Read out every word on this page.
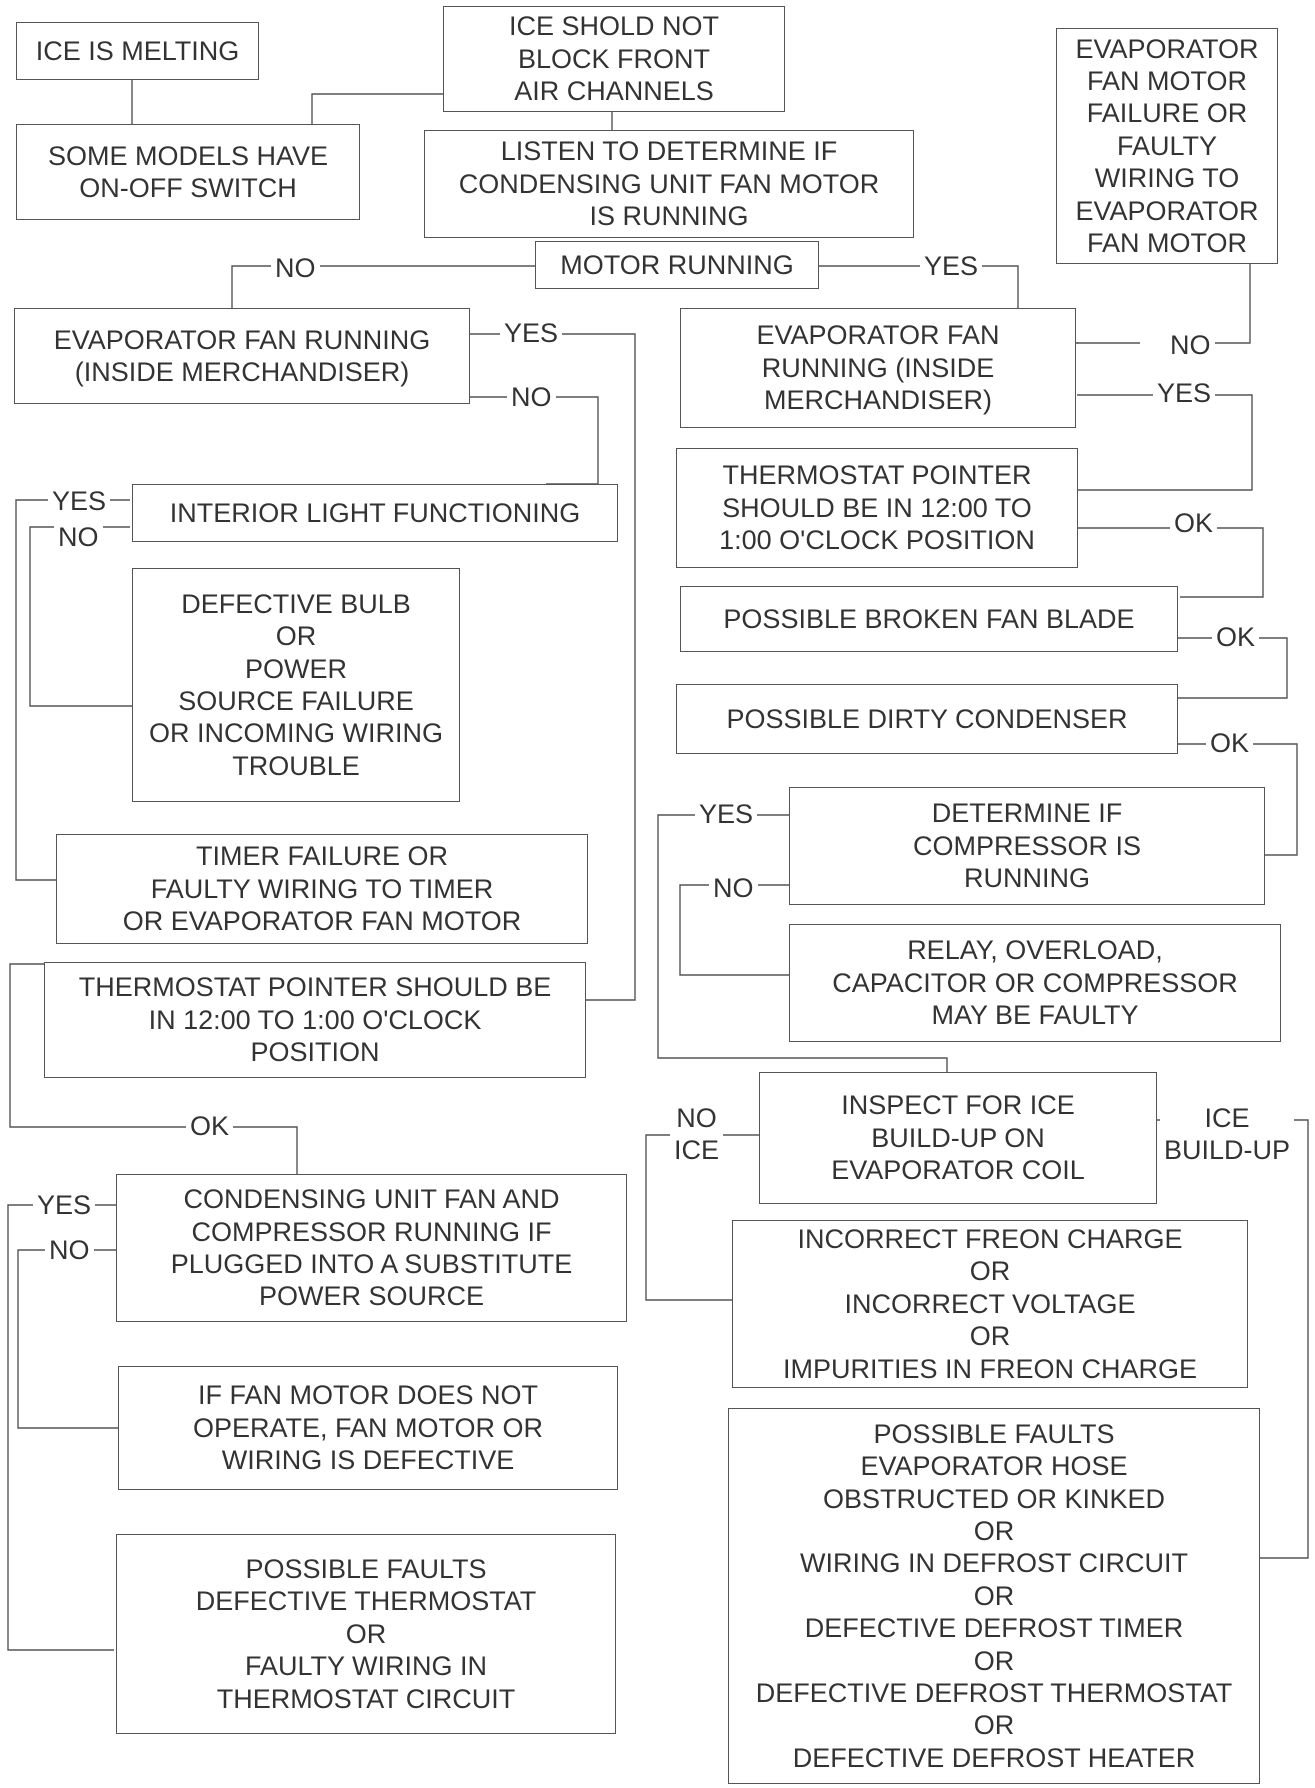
ICE IS MELTING
ICE SHOLD NOT
BLOCK FRONT
AIR CHANNELS
EVAPORATOR
FAN MOTOR
FAILURE OR
FAULTY
WIRING TO
EVAPORATOR
FAN MOTOR
SOME MODELS HAVE
ON-OFF SWITCH
LISTEN TO DETERMINE IF
CONDENSING UNIT FAN MOTOR
IS RUNNING
MOTOR RUNNING
EVAPORATOR FAN RUNNING
(INSIDE MERCHANDISER)
EVAPORATOR FAN
RUNNING (INSIDE
MERCHANDISER)
THERMOSTAT POINTER
SHOULD BE IN 12:00 TO
1:00 O'CLOCK POSITION
INTERIOR LIGHT FUNCTIONING
POSSIBLE BROKEN FAN BLADE
POSSIBLE DIRTY CONDENSER
DEFECTIVE BULB
OR
POWER
SOURCE FAILURE
OR INCOMING WIRING
TROUBLE
DETERMINE IF
COMPRESSOR IS
RUNNING
TIMER FAILURE OR
FAULTY WIRING TO TIMER
OR EVAPORATOR FAN MOTOR
RELAY, OVERLOAD,
CAPACITOR OR COMPRESSOR
MAY BE FAULTY
THERMOSTAT POINTER SHOULD BE
IN 12:00 TO 1:00 O'CLOCK
POSITION
INSPECT FOR ICE
BUILD-UP ON
EVAPORATOR COIL
CONDENSING UNIT FAN AND
COMPRESSOR RUNNING IF
PLUGGED INTO A SUBSTITUTE
POWER SOURCE
INCORRECT FREON CHARGE
OR
INCORRECT VOLTAGE
OR
IMPURITIES IN FREON CHARGE
IF FAN MOTOR DOES NOT
OPERATE, FAN MOTOR OR
WIRING IS DEFECTIVE
POSSIBLE FAULTS
EVAPORATOR HOSE
OBSTRUCTED OR KINKED
OR
WIRING IN DEFROST CIRCUIT
OR
DEFECTIVE DEFROST TIMER
OR
DEFECTIVE DEFROST THERMOSTAT
OR
DEFECTIVE DEFROST HEATER
POSSIBLE FAULTS
DEFECTIVE THERMOSTAT
OR
FAULTY WIRING IN
THERMOSTAT CIRCUIT
NO	YES
YES	NO
YES
NO
YES
NO	OK
OK
OK
YES
NO
OK	NO
ICE
ICE
BUILD-UP
YES
NO
